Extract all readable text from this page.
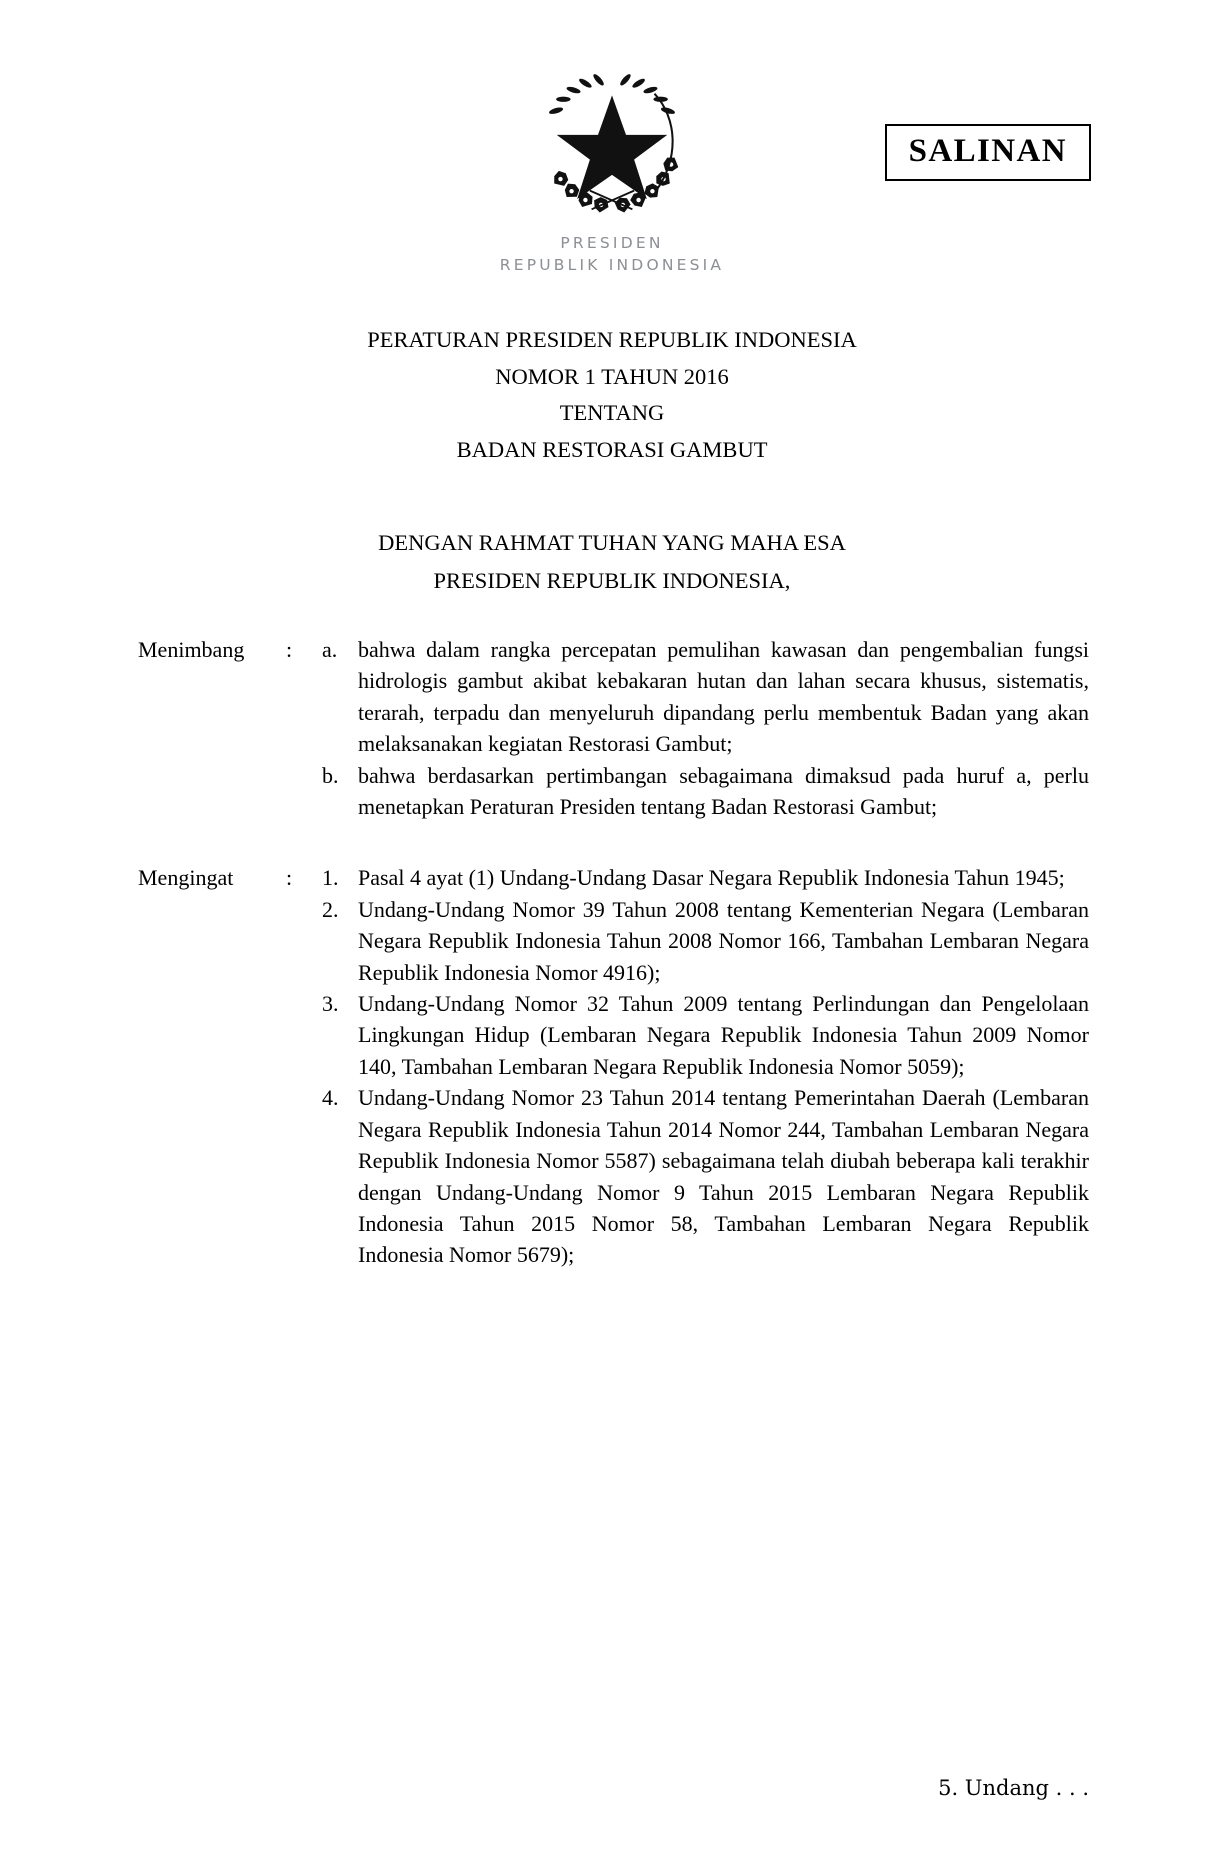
PRESIDEN
REPUBLIK INDONESIA
SALINAN
PERATURAN PRESIDEN REPUBLIK INDONESIA
NOMOR 1 TAHUN 2016
TENTANG
BADAN RESTORASI GAMBUT
DENGAN RAHMAT TUHAN YANG MAHA ESA
PRESIDEN REPUBLIK INDONESIA,
Menimbang	:	a. bahwa dalam rangka percepatan pemulihan kawasan dan pengembalian fungsi hidrologis gambut akibat kebakaran hutan dan lahan secara khusus, sistematis, terarah, terpadu dan menyeluruh dipandang perlu membentuk Badan yang akan melaksanakan kegiatan Restorasi Gambut;
b. bahwa berdasarkan pertimbangan sebagaimana dimaksud pada huruf a, perlu menetapkan Peraturan Presiden tentang Badan Restorasi Gambut;
Mengingat	:	1. Pasal 4 ayat (1) Undang-Undang Dasar Negara Republik Indonesia Tahun 1945;
2. Undang-Undang Nomor 39 Tahun 2008 tentang Kementerian Negara (Lembaran Negara Republik Indonesia Tahun 2008 Nomor 166, Tambahan Lembaran Negara Republik Indonesia Nomor 4916);
3. Undang-Undang Nomor 32 Tahun 2009 tentang Perlindungan dan Pengelolaan Lingkungan Hidup (Lembaran Negara Republik Indonesia Tahun 2009 Nomor 140, Tambahan Lembaran Negara Republik Indonesia Nomor 5059);
4. Undang-Undang Nomor 23 Tahun 2014 tentang Pemerintahan Daerah (Lembaran Negara Republik Indonesia Tahun 2014 Nomor 244, Tambahan Lembaran Negara Republik Indonesia Nomor 5587) sebagaimana telah diubah beberapa kali terakhir dengan Undang-Undang Nomor 9 Tahun 2015 Lembaran Negara Republik Indonesia Tahun 2015 Nomor 58, Tambahan Lembaran Negara Republik Indonesia Nomor 5679);
5. Undang . . .
